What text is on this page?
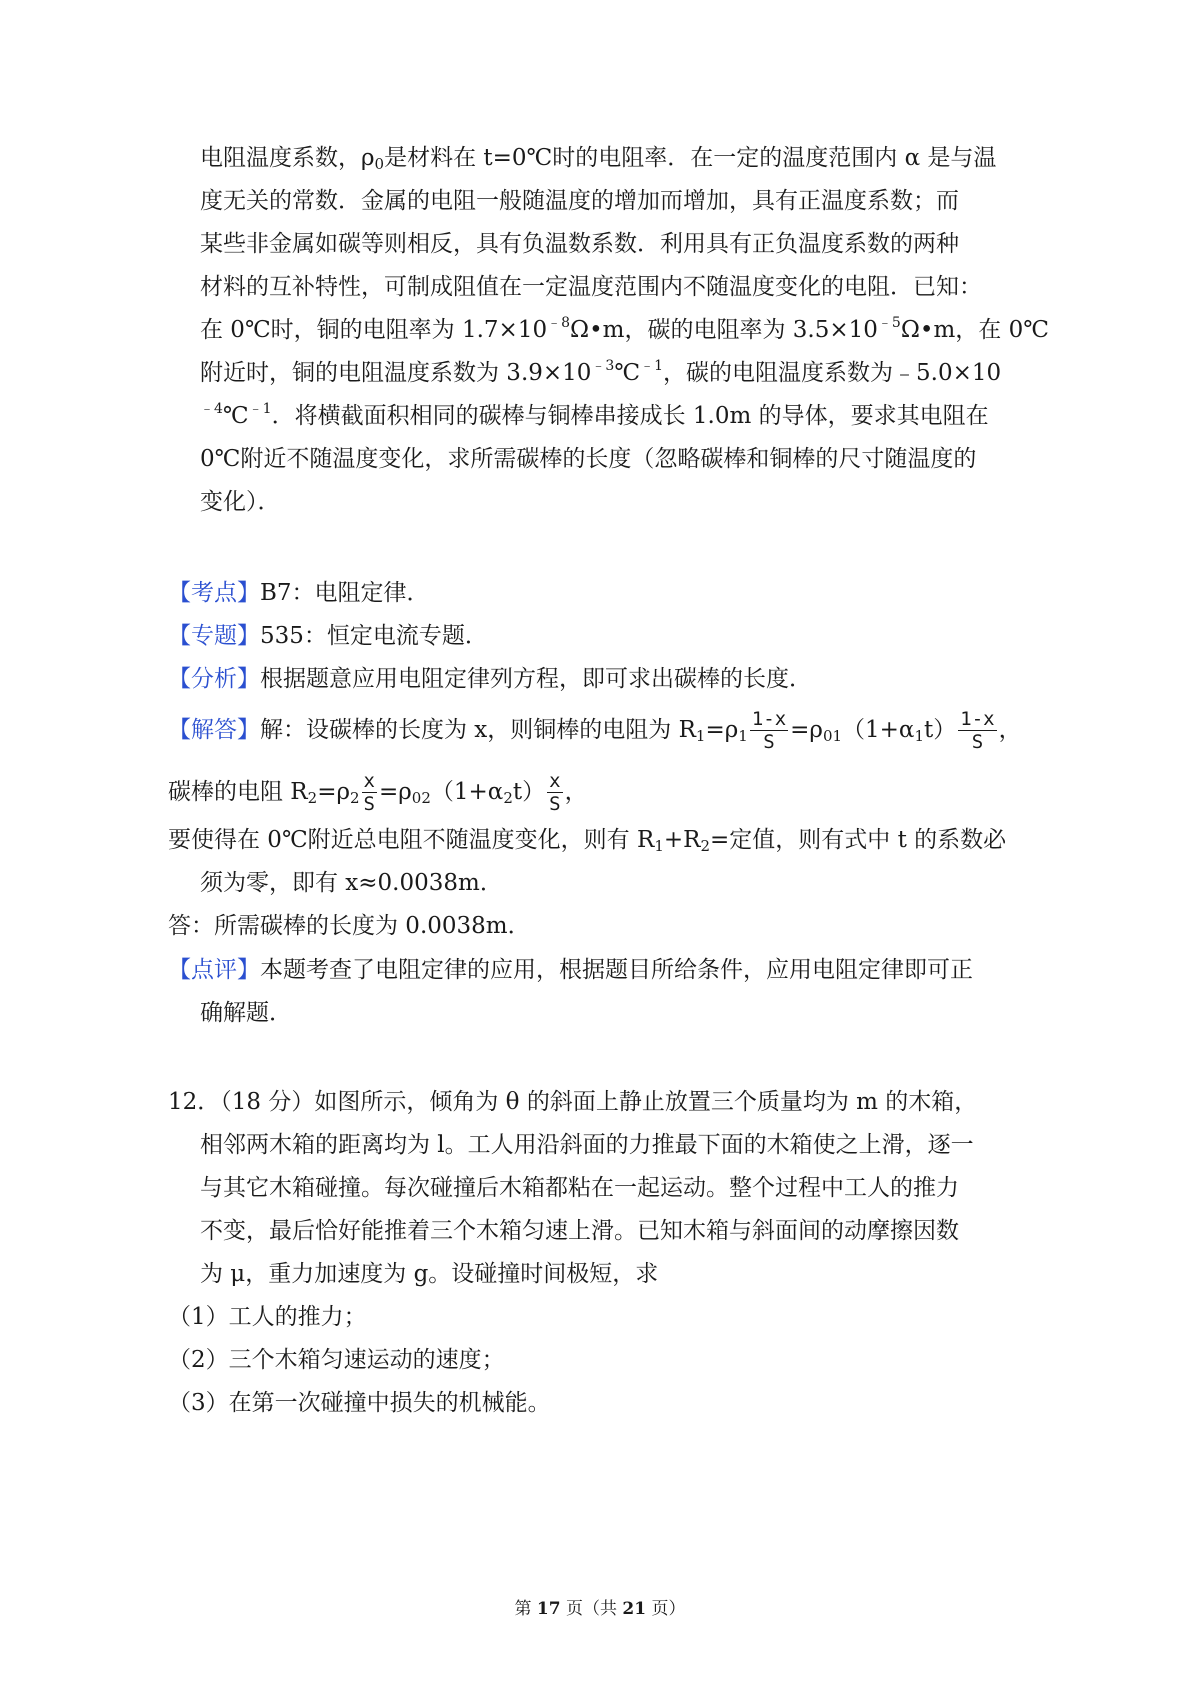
电阻温度系数，$\rho_0$是材料在 t=0℃时的电阻率．在一定的温度范围内 α 是与温
度无关的常数．金属的电阻一般随温度的增加而增加，具有正温度系数；而
某些非金属如碳等则相反，具有负温数系数．利用具有正负温度系数的两种
材料的互补特性，可制成阻值在一定温度范围内不随温度变化的电阻．已知：
在 0℃时，铜的电阻率为 $1.7\times 10^{﹣8}\Omega•m$，碳的电阻率为 $3.5\times 10^{﹣5}\Omega•m$，在 0℃
附近时，铜的电阻温度系数为 $3.9\times 10^{﹣3}℃^{﹣1}$，碳的电阻温度系数为﹣5.0×10
$^{﹣4}$℃$^{﹣1}$．将横截面积相同的碳棒与铜棒串接成长 1.0m 的导体，要求其电阻在
0℃附近不随温度变化，求所需碳棒的长度（忽略碳棒和铜棒的尺寸随温度的
变化）．
【考点】B7：电阻定律．
【专题】535：恒定电流专题．
【分析】根据题意应用电阻定律列方程，即可求出碳棒的长度．
【解答】解：设碳棒的长度为 x，则铜棒的电阻为 $R_1=\rho_1 \frac{1-x}{S} =\rho_{01}(1+\alpha_1t) \frac{1-x}{S}$ ，
碳棒的电阻 $R_2=\rho_2 \frac{x}{S} =\rho_{02}(1+\alpha_2t) \frac{x}{S}$ ，
要使得在 0℃附近总电阻不随温度变化，则有 $R_1+R_2=$定值，则有式中 t 的系数必
须为零，即有 x≈0.0038m．
答：所需碳棒的长度为 0.0038m．
【点评】本题考查了电阻定律的应用，根据题目所给条件，应用电阻定律即可正
确解题．
12．（18 分）如图所示，倾角为 θ 的斜面上静止放置三个质量均为 m 的木箱，
相邻两木箱的距离均为 l。工人用沿斜面的力推最下面的木箱使之上滑，逐一
与其它木箱碰撞。每次碰撞后木箱都粘在一起运动。整个过程中工人的推力
不变，最后恰好能推着三个木箱匀速上滑。已知木箱与斜面间的动摩擦因数
为 μ，重力加速度为 g。设碰撞时间极短，求
（1）工人的推力；
（2）三个木箱匀速运动的速度；
（3）在第一次碰撞中损失的机械能。
第 17 页（共 21 页）
